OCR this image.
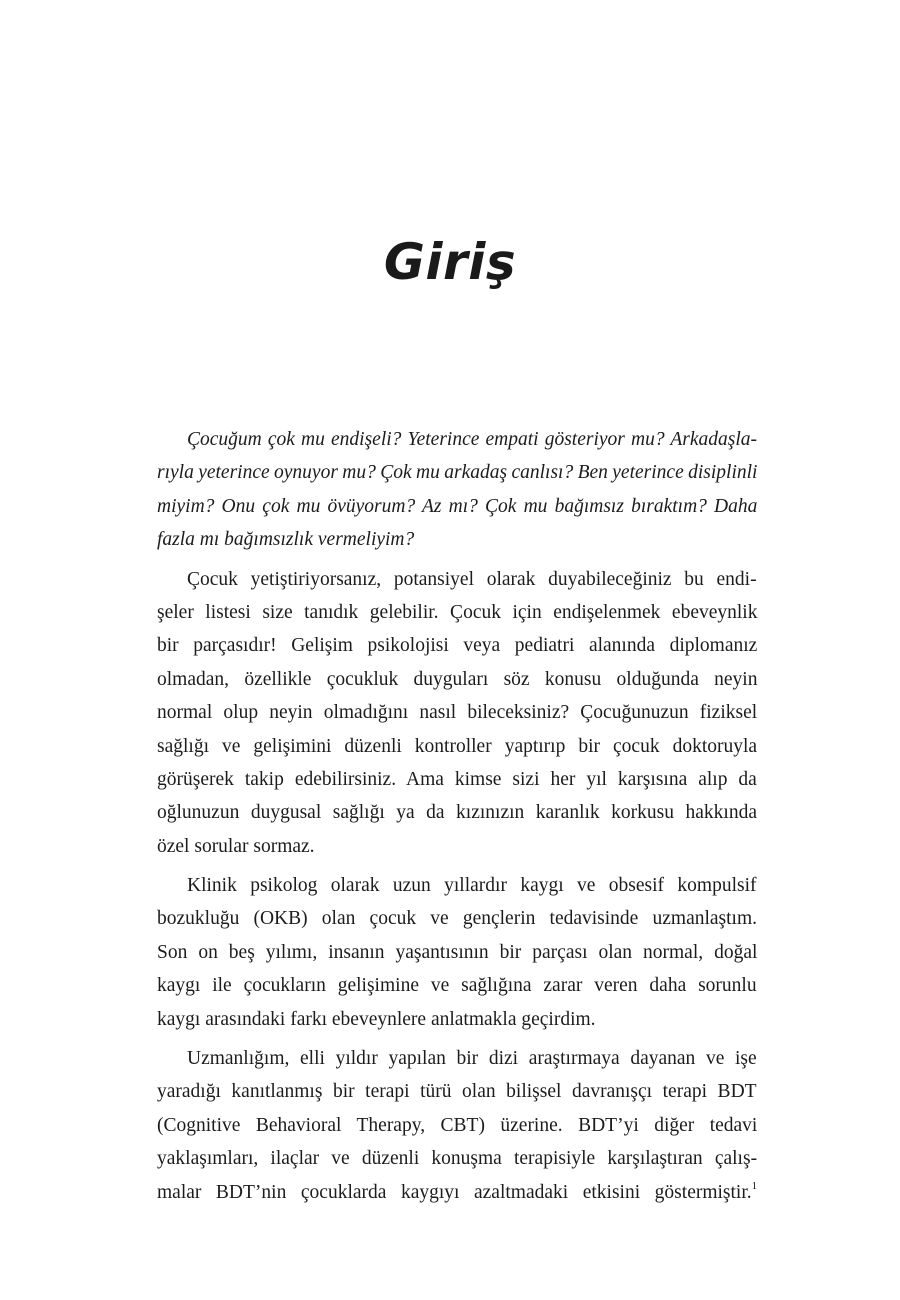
Giriş

Çocuğum çok mu endişeli? Yeterince empati gösteriyor mu? Arkadaşla-
rıyla yeterince oynuyor mu? Çok mu arkadaş canlısı? Ben yeterince disiplinli
miyim? Onu çok mu övüyorum? Az mı? Çok mu bağımsız bıraktım? Daha
fazla mı bağımsızlık vermeliyim?

Çocuk yetiştiriyorsanız, potansiyel olarak duyabileceğiniz bu endi-
şeler listesi size tanıdık gelebilir. Çocuk için endişelenmek ebeveynlik
bir parçasıdır! Gelişim psikolojisi veya pediatri alanında diplomanız
olmadan, özellikle çocukluk duyguları söz konusu olduğunda neyin
normal olup neyin olmadığını nasıl bileceksiniz? Çocuğunuzun fiziksel
sağlığı ve gelişimini düzenli kontroller yaptırıp bir çocuk doktoruyla
görüşerek takip edebilirsiniz. Ama kimse sizi her yıl karşısına alıp da
oğlunuzun duygusal sağlığı ya da kızınızın karanlık korkusu hakkında
özel sorular sormaz.

Klinik psikolog olarak uzun yıllardır kaygı ve obsesif kompulsif
bozukluğu (OKB) olan çocuk ve gençlerin tedavisinde uzmanlaştım.
Son on beş yılımı, insanın yaşantısının bir parçası olan normal, doğal
kaygı ile çocukların gelişimine ve sağlığına zarar veren daha sorunlu
kaygı arasındaki farkı ebeveynlere anlatmakla geçirdim.

Uzmanlığım, elli yıldır yapılan bir dizi araştırmaya dayanan ve işe
yaradığı kanıtlanmış bir terapi türü olan bilişsel davranışçı terapi BDT
(Cognitive Behavioral Therapy, CBT) üzerine. BDT’yi diğer tedavi
yaklaşımları, ilaçlar ve düzenli konuşma terapisiyle karşılaştıran çalış-
malar BDT’nin çocuklarda kaygıyı azaltmadaki etkisini göstermiştir.$^1$
